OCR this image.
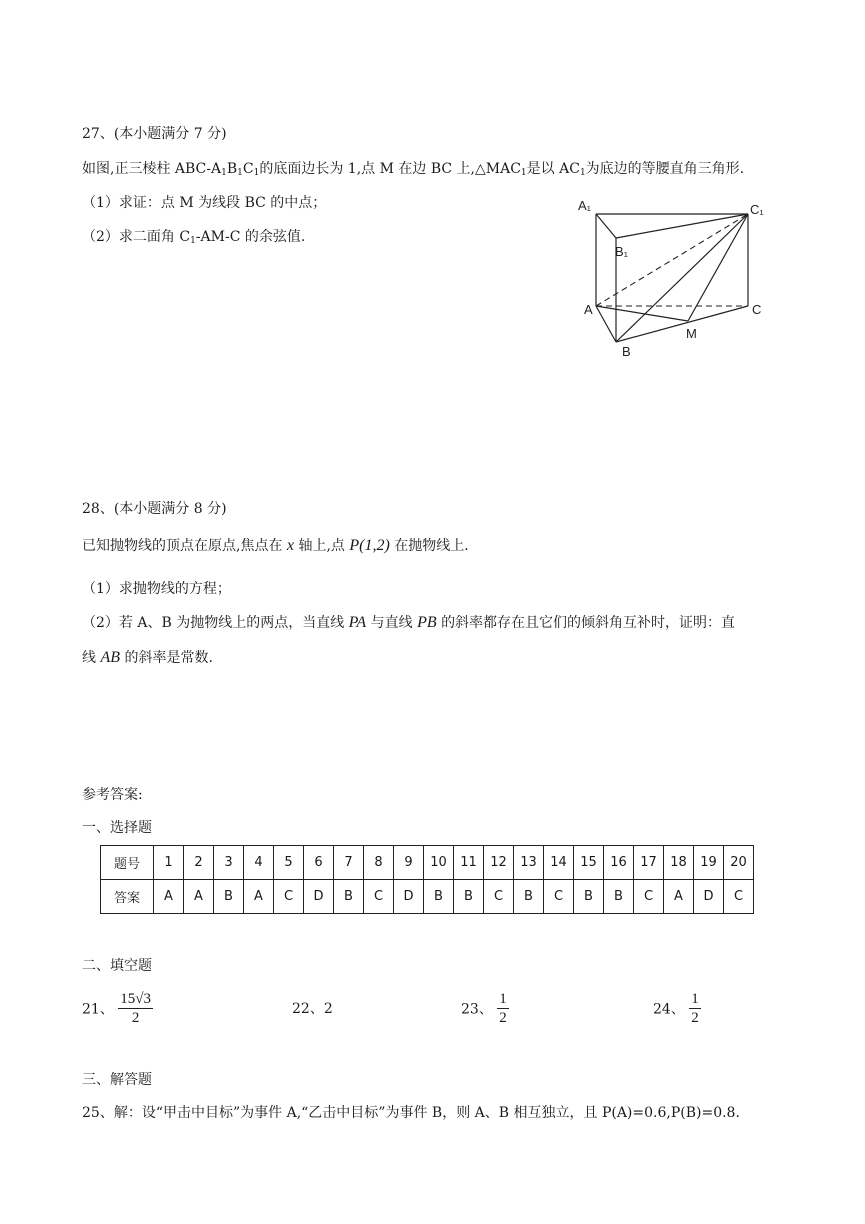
27、(本小题满分 7 分)
如图,正三棱柱 ABC-$A_1B_1C_1$的底面边长为 1,点 M 在边 BC 上$,\triangle MAC_1$是以 $AC_1$为底边的等腰直角三角形.
（1）求证：点 M 为线段 BC 的中点；
（2）求二面角 $C_1-AM-C$ 的余弦值.
A₁	C₁
B₁
A	C
B
M
28、(本小题满分 8 分)
已知抛物线的顶点在原点,焦点在 x 轴上,点 P(1,2) 在抛物线上.
（1）求抛物线的方程；
（2）若 A、B 为抛物线上的两点，当直线 PA 与直线 PB 的斜率都存在且它们的倾斜角互补时，证明：直
线 AB 的斜率是常数.
参考答案:
一、选择题
题号	1	2	3	4	5	6	7	8	9	10	11	12	13	14	15	16	17	18	19	20
答案	A	A	B	A	C	D	B	C	D	B	B	C	B	C	B	B	C	A	D	C
二、填空题
21、 $\frac{15√3}{2}$	22、2	23、 $\frac{1}{2}$	24、 $\frac{1}{2}$
三、解答题
25、解：设“甲击中目标”为事件 A,“乙击中目标”为事件 B，则 A、B 相互独立，且 P(A)=0.6,P(B)=0.8.
